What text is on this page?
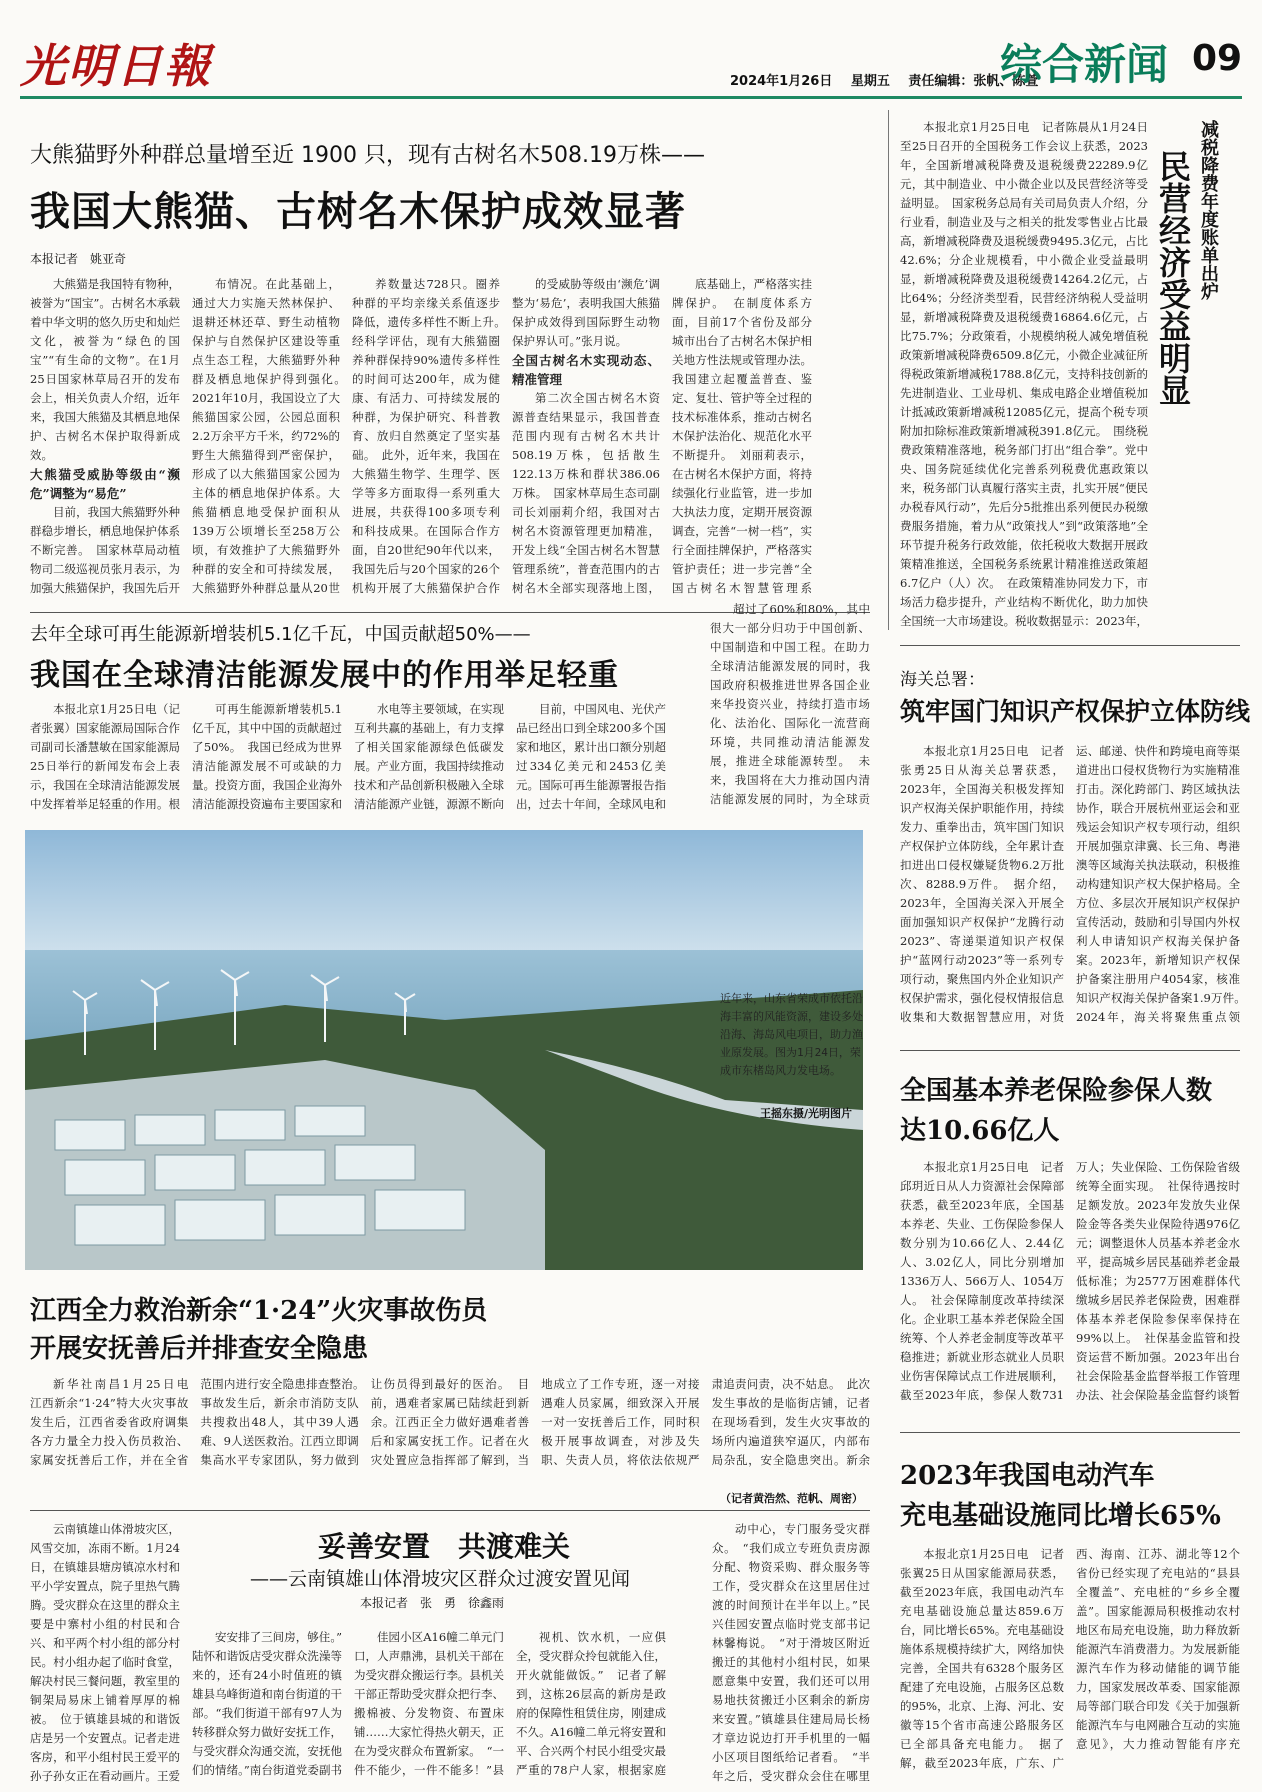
光明日報	2024年1月26日 星期五 责任编辑：张帆、陈萱
综合新闻 09
大熊猫野外种群总量增至近 1900 只，现有古树名木508.19万株——
我国大熊猫、古树名木保护成效显著
本报记者　姚亚奇

大熊猫是我国特有物种，被誉为“国宝”。古树名木承载着中华文明的悠久历史和灿烂文化，被誉为“绿色的国宝”“有生命的文物”。在1月25日国家林草局召开的发布会上，相关负责人介绍，近年来，我国大熊猫及其栖息地保护、古树名木保护取得新成效。

大熊猫受威胁等级由“濒危”调整为“易危”

目前，我国大熊猫野外种群稳步增长，栖息地保护体系不断完善。　国家林草局动植物司二级巡视员张月表示，为加强大熊猫保护，我国先后开

布情况。在此基础上，通过大力实施天然林保护、退耕还林还草、野生动植物保护与自然保护区建设等重点生态工程，大熊猫野外种群及栖息地保护得到强化。　2021年10月，我国设立了大熊猫国家公园，公园总面积2.2万余平方千米，约72%的野生大熊猫得到严密保护，形成了以大熊猫国家公园为主体的栖息地保护体系。大熊猫栖息地受保护面积从139万公顷增长至258万公顷，有效推护了大熊猫野外种群的安全和可持续发展，大熊猫野外种群总量从20世　

养数量达728只。圈养种群的平均亲缘关系值逐步降低，遗传多样性不断上升。　经科学评估，现有大熊猫圈养种群保持90%遗传多样性的时间可达200年，成为健康、有活力、可持续发展的种群，为保护研究、科普教育、放归自然奠定了坚实基础。　此外，近年来，我国在大熊猫生物学、生理学、医学等多方面取得一系列重大进展，共获得100多项专利和科技成果。在国际合作方面，自20世纪90年代以来，我国先后与20个国家的26个机构开展了大熊猫保护合作　

的受威胁等级由‘濒危’调整为‘易危’，表明我国大熊猫保护成效得到国际野生动物保护界认可。”张月说。

全国古树名木实现动态、精准管理

第二次全国古树名木资源普查结果显示，我国普查范围内现有古树名木共计508.19万株，包括散生122.13万株和群状386.06万株。　国家林草局生态司副司长刘丽莉介绍，我国对古树名木资源管理更加精准，开发上线“全国古树名木智慧管理系统”，普查范围内的古树名木全部实现落地上图，

底基础上，严格落实挂牌保护。　在制度体系方面，目前17个省份及部分城市出台了古树名木保护相关地方性法规或管理办法。我国建立起覆盖普查、鉴定、复壮、管护等全过程的技术标准体系，推动古树名木保护法治化、规范化水平不断提升。　刘丽莉表示，在古树名木保护方面，将持续强化行业监管，进一步加大执法力度，定期开展资源调查，完善“一树一档”，实行全面挂牌保护，严格落实管护责任；进一步完善“全国古树名木智慧管理系

本报北京1月25日电　记者陈晨从1月24日至25日召开的全国税务工作会议上获悉，2023年，全国新增减税降费及退税缓费22289.9亿元，其中制造业、中小微企业以及民营经济等受益明显。　国家税务总局有关司局负责人介绍，分行业看，制造业及与之相关的批发零售业占比最高，新增减税降费及退税缓费9495.3亿元，占比42.6%；分企业规模看，中小微企业受益最明显，新增减税降费及退税缓费14264.2亿元，占比64%；分经济类型看，民营经济纳税人受益明显，新增减税降费及退税缓费16864.6亿元，占比75.7%；分政策看，小规模纳税人减免增值税政策新增减税降费6509.8亿元，小微企业减征所得税政策新增减税1788.8亿元，支持科技创新的先进制造业、工业母机、集成电路企业增值税加计抵减政策新增减税12085亿元，提高个税专项附加扣除标准政策新增减税391.8亿元。　围绕税费政策精准落地，税务部门打出“组合拳”。党中央、国务院延续优化完善系列税费优惠政策以来，税务部门认真履行落实主责，扎实开展“便民办税春风行动”，先后分5批推出系列便民办税缴费服务措施，着力从“政策找人”到“政策落地”全环节提升税务行政效能，依托税收大数据开展政策精准推送，全国税务系统累计精准推送政策超6.7亿户（人）次。　在政策精准协同发力下，市场活力稳步提升，产业结构不断优化，助力加快全国统一大市场建设。税收数据显示：2023年，　

减税降费年度账单出炉
民营经济受益明显
去年全球可再生能源新增装机5.1亿千瓦，中国贡献超50%——
我国在全球清洁能源发展中的作用举足轻重

本报北京1月25日电（记者张翼）国家能源局国际合作司副司长潘慧敏在国家能源局25日举行的新闻发布会上表示，我国在全球清洁能源发展中发挥着举足轻重的作用。根

可再生能源新增装机5.1亿千瓦，其中中国的贡献超过了50%。　我国已经成为世界清洁能源发展不可或缺的力量。投资方面，我国企业海外清洁能源投资遍布主要国家和

水电等主要领域，在实现互利共赢的基础上，有力支撑了相关国家能源绿色低碳发展。产业方面，我国持续推动技术和产品创新积极融入全球清洁能源产业链，源源不断向

目前，中国风电、光伏产品已经出口到全球200多个国家和地区，累计出口额分别超过334亿美元和2453亿美元。国际可再生能源署报告指出，过去十年间，全球风电和

超过了60%和80%，其中很大一部分归功于中国创新、中国制造和中国工程。在助力全球清洁能源发展的同时，我国政府积极推进世界各国企业来华投资兴业，持续打造市场化、法治化、国际化一流营商环境，共同推动清洁能源发展，推进全球能源转型。　未来，我国将在大力推动国内清洁能源发展的同时，为全球贡

近年来，山东省荣成市依托沿海丰富的风能资源，建设多处沿海、海岛风电项目，助力渔业原发展。图为1月24日，荣成市东楮岛风力发电场。
王摇东摄/光明图片
海关总署：
筑牢国门知识产权保护立体防线

本报北京1月25日电　记者张勇25日从海关总署获悉，2023年，全国海关积极发挥知识产权海关保护职能作用，持续发力、重拳出击，筑牢国门知识产权保护立体防线，全年累计查扣进出口侵权嫌疑货物6.2万批次、8288.9万件。　据介绍，2023年，全国海关深入开展全面加强知识产权保护“龙腾行动2023”、寄递渠道知识产权保护“蓝网行动2023”等一系列专项行动，聚焦国内外企业知识产权保护需求，强化侵权情报信息收集和大数据智慧应用，对货运、邮递、快件和跨境电商等渠道进出口侵权货物行为实施精准打击。深化跨部门、跨区域执法协作，联合开展杭州亚运会和亚残运会知识产权专项行动，组织开展加强京津冀、长三角、粤港澳等区域海关执法联动，积极推动构建知识产权大保护格局。全方位、多层次开展知识产权保护宣传活动，鼓励和引导国内外权利人申请知识产权海关保护备案。2023年，新增知识产权保护备案注册用户4054家，核准知识产权海关保护备案1.9万件。　2024年，海关将聚焦重点领

全国基本养老保险参保人数
达10.66亿人

本报北京1月25日电　记者邱玥近日从人力资源社会保障部获悉，截至2023年底，全国基本养老、失业、工伤保险参保人数分别为10.66亿人、2.44亿人、3.02亿人，同比分别增加1336万人、566万人、1054万人。　社会保障制度改革持续深化。企业职工基本养老保险全国统筹、个人养老金制度等改革平稳推进；新就业形态就业人员职业伤害保障试点工作进展顺利，截至2023年底，参保人数731万人；失业保险、工伤保险省级统筹全面实现。　社保待遇按时足额发放。2023年发放失业保险金等各类失业保险待遇976亿元；调整退休人员基本养老金水平，提高城乡居民基础养老金最低标准；为2577万困难群体代缴城乡居民养老保险费，困难群体基本养老保险参保率保持在99%以上。　社保基金监管和投资运营不断加强。2023年出台社会保险基金监督举报工作管理办法、社会保险基金监督约谈暂　

江西全力救治新余“1·24”火灾事故伤员
开展安抚善后并排查安全隐患

新华社南昌1月25日电　江西新余“1·24”特大火灾事故发生后，江西省委省政府调集各方力量全力投入伤员救治、家属安抚善后工作，并在全省范围内进行安全隐患排查整治。　事故发生后，新余市消防支队共搜救出48人，其中39人遇难、9人送医救治。江西立即调集高水平专家团队，努力做到让伤员得到最好的医治。　目前，遇难者家属已陆续赶到新余。江西正全力做好遇难者善后和家属安抚工作。记者在火灾处置应急指挥部了解到，当地成立了工作专班，逐一对接遇难人员家属，细致深入开展一对一安抚善后工作，同时积极开展事故调查，对涉及失职、失责人员，将依法依规严肃追责问责，决不姑息。　此次发生事故的是临街店铺，记者在现场看到，发生火灾事故的场所内遍道狭窄逼仄，内部布局杂乱，安全隐患突出。新余　

（记者黄浩然、范帆、周密）
妥善安置　共渡难关
——云南镇雄山体滑坡灾区群众过渡安置见闻
本报记者　张　勇　徐鑫雨

云南镇雄山体滑坡灾区，风雪交加，冻雨不断。1月24日，在镇雄县塘房镇凉水村和平小学安置点，院子里热气腾腾。受灾群众在这里的群众主要是中寨村小组的村民和合兴、和平两个村小组的部分村民。村小组办起了临时食堂，解决村民三餐问题，教室里的铜架局易床上铺着厚厚的棉被。　位于镇雄县城的和谐饭店是另一个安置点。记者走进客房，和平小组村民王爱平的孙子孙女正在看动画片。王爱

安安排了三间房，够住。”　陆怀和谐饭店受灾群众洗澡等来的，还有24小时值班的镇雄县乌峰街道和南台街道的干部。“我们街道干部有97人为转移群众努力做好安抚工作，与受灾群众沟通交流，安抚他们的情绪。”南台街道党委副书　

佳园小区A16幢二单元门口，人声鼎沸，县机关干部在为受灾群众搬运行李。县机关干部正帮助受灾群众把行李、搬棉被、分发物资、布置床铺……大家忙得热火朝天，正在为受灾群众布置新家。　“一件不能少，一件不能多！”县

视机、饮水机，一应俱全，受灾群众拎包就能入住，开火就能做饭。”　记者了解到，这栋26层高的新房是政府的保障性租赁住房，刚建成不久。A16幢二单元将安置和平、合兴两个村民小组受灾最严重的78户人家，根据家庭

动中心，专门服务受灾群众。　“我们成立专班负责房源分配、物资采购、群众服务等工作，受灾群众在这里居住过渡的时间预计在半年以上。”民兴佳园安置点临时党支部书记林馨梅说。　“对于滑坡区附近搬迁的其他村小组村民，如果愿意集中安置，我们还可以用易地扶贫搬迁小区剩余的新房来安置。”镇雄县住建局局长杨才章边说边打开手机里的一幅小区项目图纸给记者看。　“半年之后，受灾群众会住在哪里　

2023年我国电动汽车
充电基础设施同比增长65%

本报北京1月25日电　记者张翼25日从国家能源局获悉，截至2023年底，我国电动汽车充电基础设施总量达859.6万台，同比增长65%。充电基础设施体系规模持续扩大，网络加快完善，全国共有6328个服务区配建了充电设施，占服务区总数的95%，北京、上海、河北、安徽等15个省市高速公路服务区已全部具备充电能力。　据了解，截至2023年底，广东、广西、海南、江苏、湖北等12个省份已经实现了充电站的“县县全覆盖”、充电桩的“乡乡全覆盖”。国家能源局积极推动农村地区布局充电设施，助力释放新能源汽车消费潜力。为发展新能源汽车作为移动储能的调节能力，国家发展改革委、国家能源局等部门联合印发《关于加强新能源汽车与电网融合互动的实施意见》，大力推动智能有序充
